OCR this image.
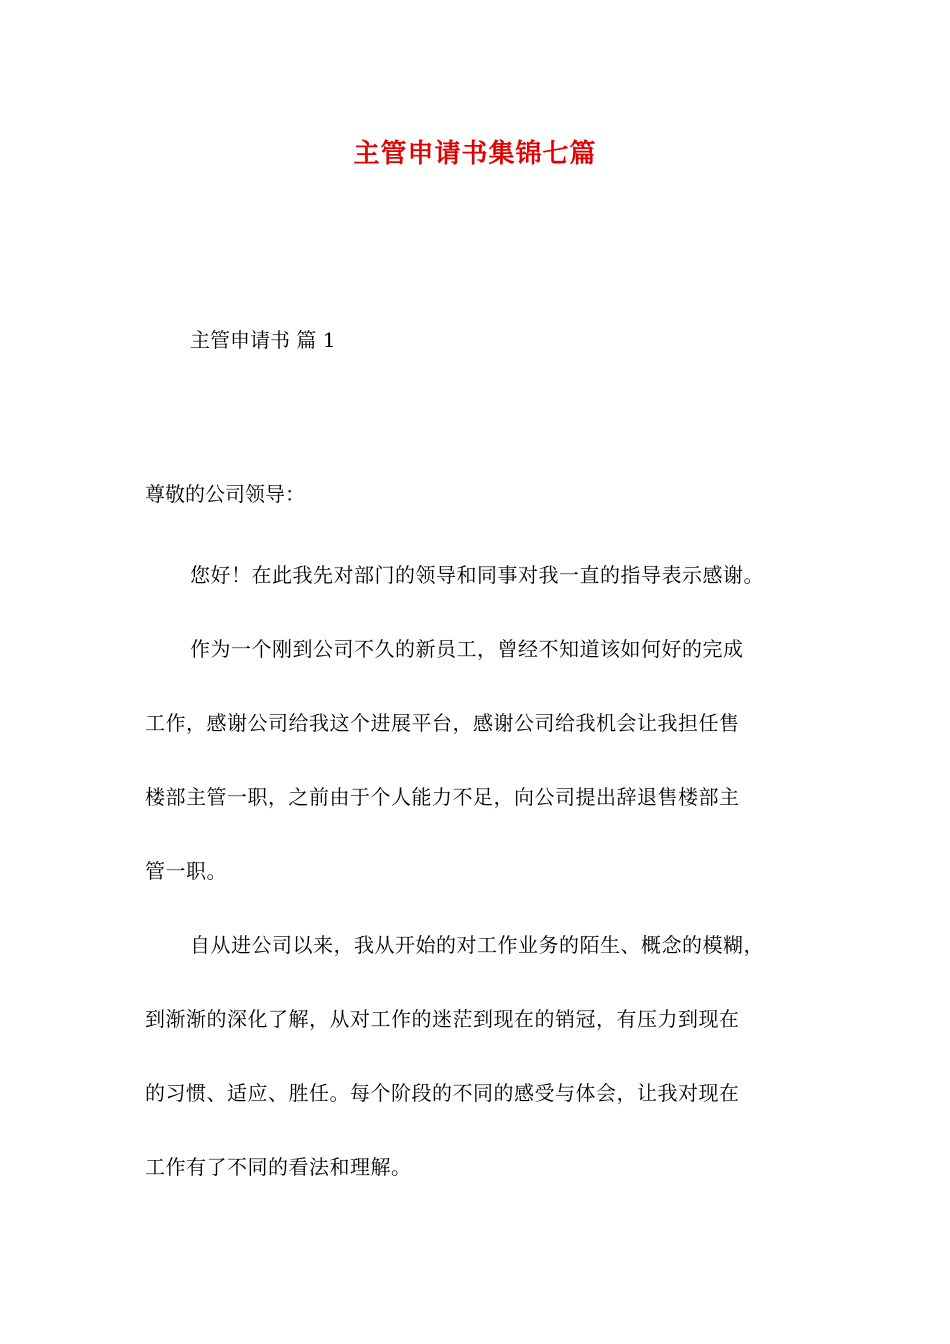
主管申请书集锦七篇
主管申请书 篇 1
尊敬的公司领导：

您好！在此我先对部门的领导和同事对我一直的指导表示感谢。

作为一个刚到公司不久的新员工，曾经不知道该如何好的完成
工作，感谢公司给我这个进展平台，感谢公司给我机会让我担任售
楼部主管一职，之前由于个人能力不足，向公司提出辞退售楼部主
管一职。

自从进公司以来，我从开始的对工作业务的陌生、概念的模糊，
到渐渐的深化了解，从对工作的迷茫到现在的销冠，有压力到现在
的习惯、适应、胜任。每个阶段的不同的感受与体会，让我对现在
工作有了不同的看法和理解。
